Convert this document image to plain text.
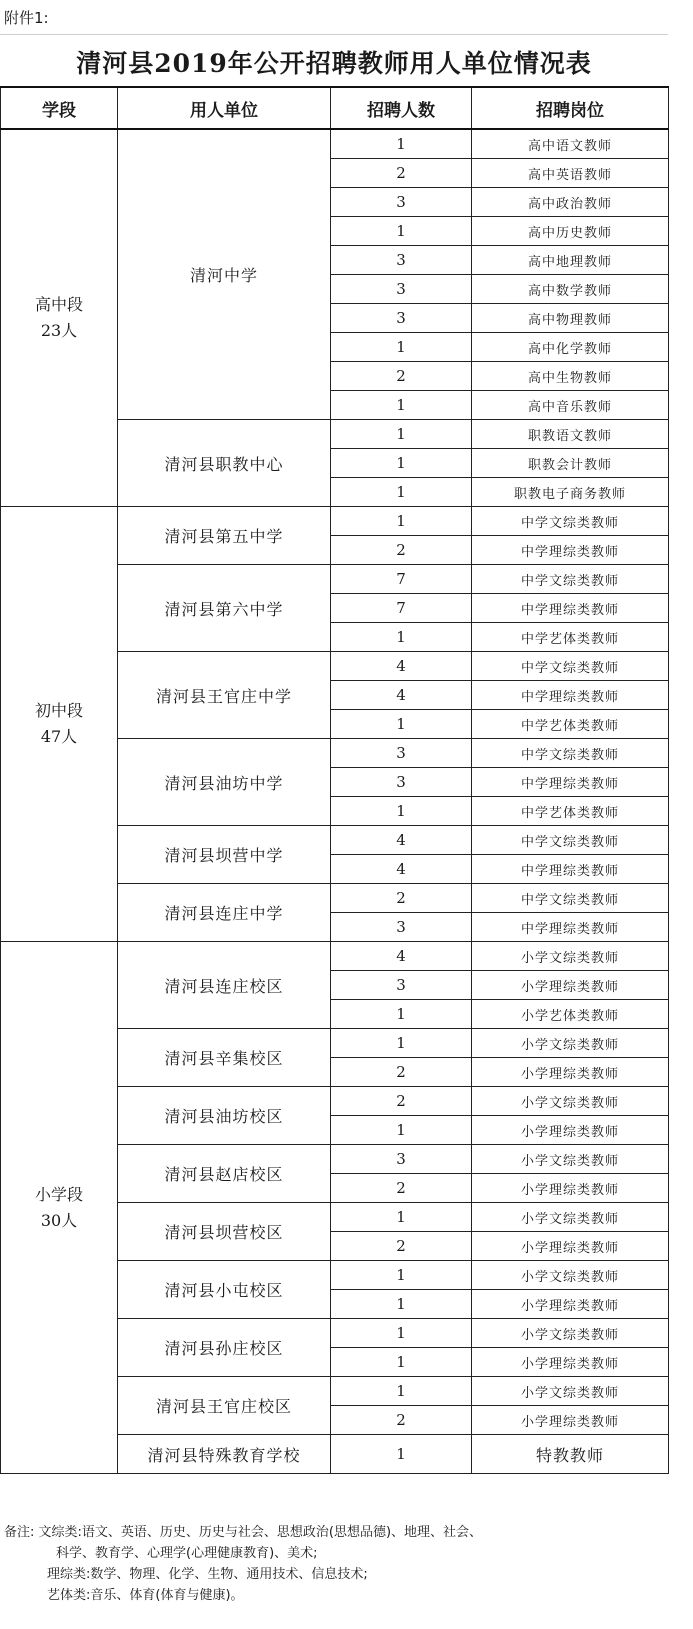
附件1:
清河县2019年公开招聘教师用人单位情况表
学段	用人单位	招聘人数	招聘岗位

高中段
23人	清河中学	1	高中语文教师
		2	高中英语教师
		3	高中政治教师
		1	高中历史教师
		3	高中地理教师
		3	高中数学教师
		3	高中物理教师
		1	高中化学教师
		2	高中生物教师
		1	高中音乐教师
	清河县职教中心	1	职教语文教师
		1	职教会计教师
		1	职教电子商务教师

初中段
47人	清河县第五中学	1	中学文综类教师
		2	中学理综类教师
	清河县第六中学	7	中学文综类教师
		7	中学理综类教师
		1	中学艺体类教师
	清河县王官庄中学	4	中学文综类教师
		4	中学理综类教师
		1	中学艺体类教师
	清河县油坊中学	3	中学文综类教师
		3	中学理综类教师
		1	中学艺体类教师
	清河县坝营中学	4	中学文综类教师
		4	中学理综类教师
	清河县连庄中学	2	中学文综类教师
		3	中学理综类教师

小学段
30人	清河县连庄校区	4	小学文综类教师
		3	小学理综类教师
		1	小学艺体类教师
	清河县辛集校区	1	小学文综类教师
		2	小学理综类教师
	清河县油坊校区	2	小学文综类教师
		1	小学理综类教师
	清河县赵店校区	3	小学文综类教师
		2	小学理综类教师
	清河县坝营校区	1	小学文综类教师
		2	小学理综类教师
	清河县小屯校区	1	小学文综类教师
		1	小学理综类教师
	清河县孙庄校区	1	小学文综类教师
		1	小学理综类教师
	清河县王官庄校区	1	小学文综类教师
		2	小学理综类教师
	清河县特殊教育学校	1	特教教师
备注: 文综类:语文、英语、历史、历史与社会、思想政治(思想品德)、地理、社会、
科学、教育学、心理学(心理健康教育)、美术;
理综类:数学、物理、化学、生物、通用技术、信息技术;
艺体类:音乐、体育(体育与健康)。
